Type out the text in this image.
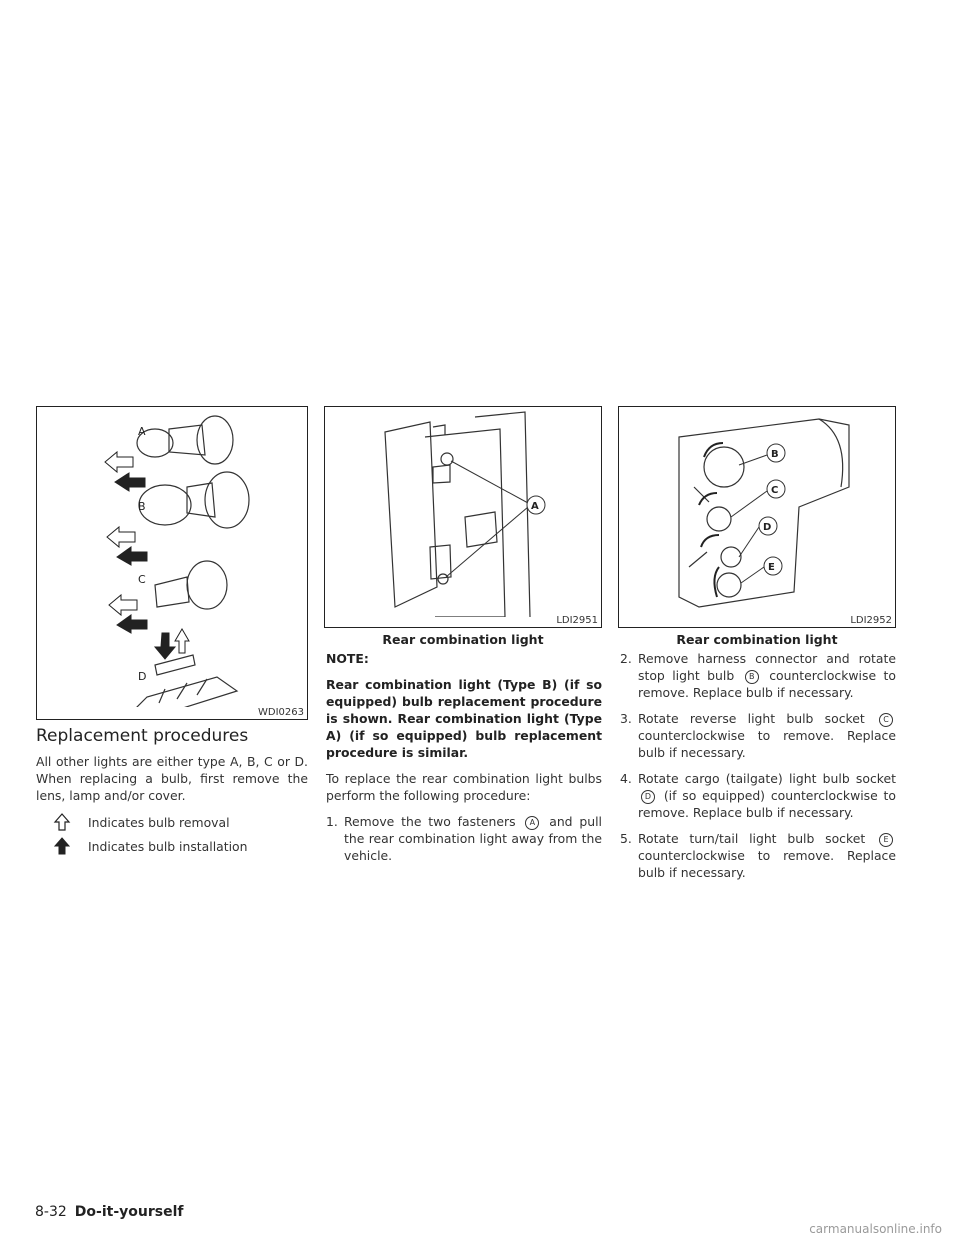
A
B
C
D
WDI0263
A
LDI2951
Rear combination light
B
C
D
E
LDI2952
Rear combination light
Replacement procedures

All other lights are either type A, B, C or D. When replacing a bulb, first remove the lens, lamp and/or cover.

Indicates bulb removal
Indicates bulb installation

NOTE:

Rear combination light (Type B) (if so equipped) bulb replacement procedure is shown. Rear combination light (Type A) (if so equipped) bulb replacement procedure is similar.

To replace the rear combination light bulbs perform the following procedure:

1. Remove the two fasteners A and pull the rear combination light away from the vehicle.
2. Remove harness connector and rotate stop light bulb B counterclockwise to remove. Replace bulb if necessary.
3. Rotate reverse light bulb socket C counterclockwise to remove. Replace bulb if necessary.
4. Rotate cargo (tailgate) light bulb socket D (if so equipped) counterclockwise to remove. Replace bulb if necessary.
5. Rotate turn/tail light bulb socket E counterclockwise to remove. Replace bulb if necessary.
8-32 Do-it-yourself
carmanualsonline.info
